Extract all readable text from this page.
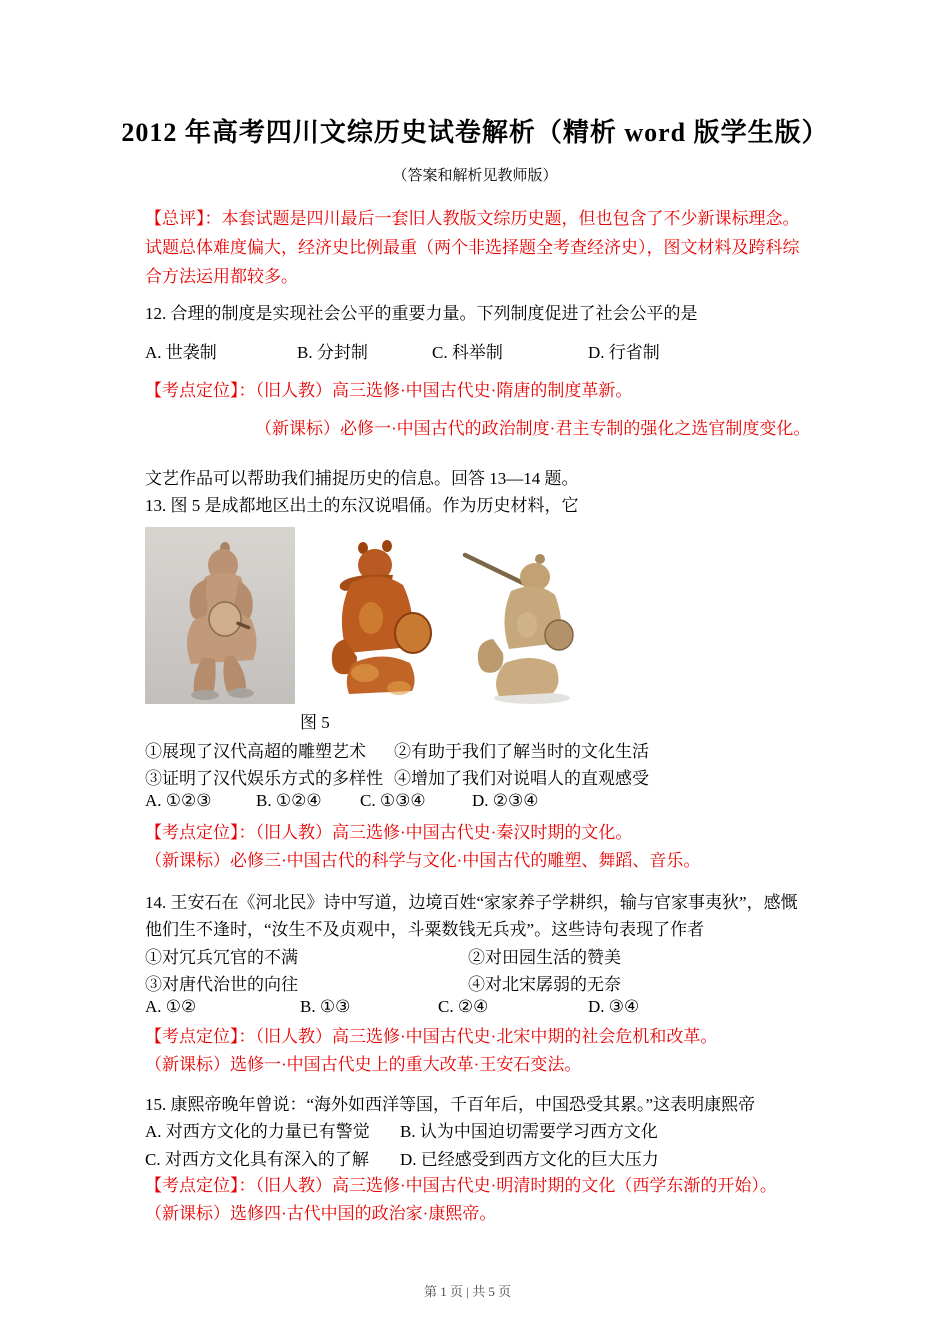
2012 年高考四川文综历史试卷解析（精析 word 版学生版）
（答案和解析见教师版）
【总评】：本套试题是四川最后一套旧人教版文综历史题，但也包含了不少新课标理念。
试题总体难度偏大，经济史比例最重（两个非选择题全考查经济史），图文材料及跨科综
合方法运用都较多。
12. 合理的制度是实现社会公平的重要力量。下列制度促进了社会公平的是
A. 世袭制	B. 分封制	C. 科举制	D. 行省制
【考点定位】：（旧人教）高三选修·中国古代史·隋唐的制度革新。
（新课标）必修一·中国古代的政治制度·君主专制的强化之选官制度变化。
文艺作品可以帮助我们捕捉历史的信息。回答 13—14 题。
13. 图 5 是成都地区出土的东汉说唱俑。作为历史材料，它
图 5
①展现了汉代高超的雕塑艺术 ②有助于我们了解当时的文化生活
③证明了汉代娱乐方式的多样性 ④增加了我们对说唱人的直观感受
A. ①②③	B. ①②④ C. ①③④	D. ②③④
【考点定位】：（旧人教）高三选修·中国古代史·秦汉时期的文化。
（新课标）必修三·中国古代的科学与文化·中国古代的雕塑、舞蹈、音乐。
14. 王安石在《河北民》诗中写道，边境百姓“家家养子学耕织，输与官家事夷狄”，感慨
他们生不逢时，“汝生不及贞观中，斗粟数钱无兵戎”。这些诗句表现了作者
①对冗兵冗官的不满	②对田园生活的赞美
③对唐代治世的向往	④对北宋孱弱的无奈
A. ①②	B. ①③	C. ②④	D. ③④
【考点定位】：（旧人教）高三选修·中国古代史·北宋中期的社会危机和改革。
（新课标）选修一·中国古代史上的重大改革·王安石变法。
15. 康熙帝晚年曾说：“海外如西洋等国，千百年后，中国恐受其累。”这表明康熙帝
A. 对西方文化的力量已有警觉 B. 认为中国迫切需要学习西方文化
C. 对西方文化具有深入的了解 D. 已经感受到西方文化的巨大压力
【考点定位】：（旧人教）高三选修·中国古代史·明清时期的文化（西学东渐的开始）。
（新课标）选修四·古代中国的政治家·康熙帝。
第 1 页 | 共 5 页
